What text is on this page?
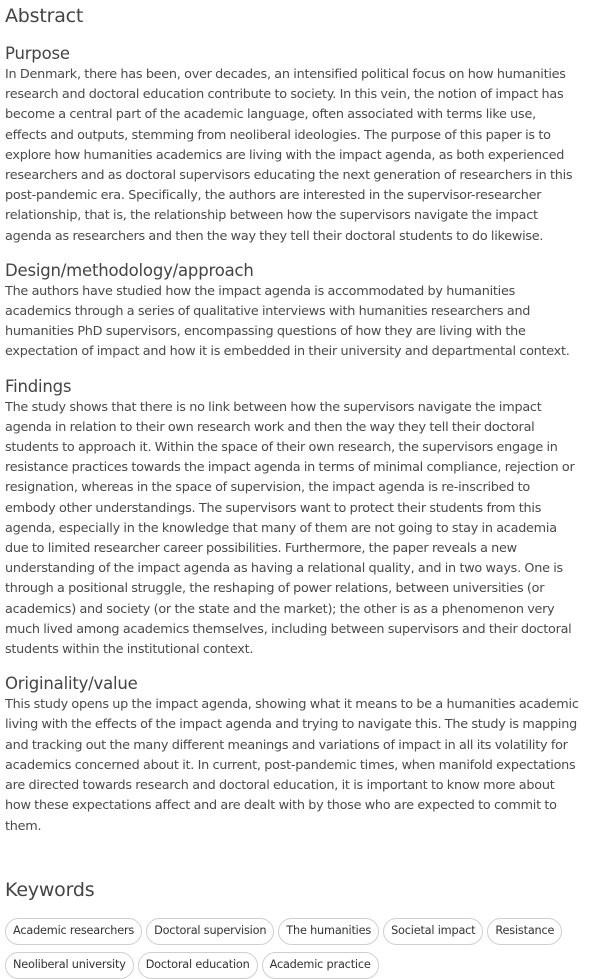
Abstract
Purpose

In Denmark, there has been, over decades, an intensified political focus on how humanities research and doctoral education contribute to society. In this vein, the notion of impact has become a central part of the academic language, often associated with terms like use, effects and outputs, stemming from neoliberal ideologies. The purpose of this paper is to explore how humanities academics are living with the impact agenda, as both experienced researchers and as doctoral supervisors educating the next generation of researchers in this post-pandemic era. Specifically, the authors are interested in the supervisor-researcher relationship, that is, the relationship between how the supervisors navigate the impact agenda as researchers and then the way they tell their doctoral students to do likewise.

Design/methodology/approach

The authors have studied how the impact agenda is accommodated by humanities academics through a series of qualitative interviews with humanities researchers and humanities PhD supervisors, encompassing questions of how they are living with the expectation of impact and how it is embedded in their university and departmental context.

Findings

The study shows that there is no link between how the supervisors navigate the impact agenda in relation to their own research work and then the way they tell their doctoral students to approach it. Within the space of their own research, the supervisors engage in resistance practices towards the impact agenda in terms of minimal compliance, rejection or resignation, whereas in the space of supervision, the impact agenda is re-inscribed to embody other understandings. The supervisors want to protect their students from this agenda, especially in the knowledge that many of them are not going to stay in academia due to limited researcher career possibilities. Furthermore, the paper reveals a new understanding of the impact agenda as having a relational quality, and in two ways. One is through a positional struggle, the reshaping of power relations, between universities (or academics) and society (or the state and the market); the other is as a phenomenon very much lived among academics themselves, including between supervisors and their doctoral students within the institutional context.

Originality/value

This study opens up the impact agenda, showing what it means to be a humanities academic living with the effects of the impact agenda and trying to navigate this. The study is mapping and tracking out the many different meanings and variations of impact in all its volatility for academics concerned about it. In current, post-pandemic times, when manifold expectations are directed towards research and doctoral education, it is important to know more about how these expectations affect and are dealt with by those who are expected to commit to them.

Keywords
Academic researchers	Doctoral supervision	The humanities	Societal impact	Resistance
Neoliberal university	Doctoral education	Academic practice
